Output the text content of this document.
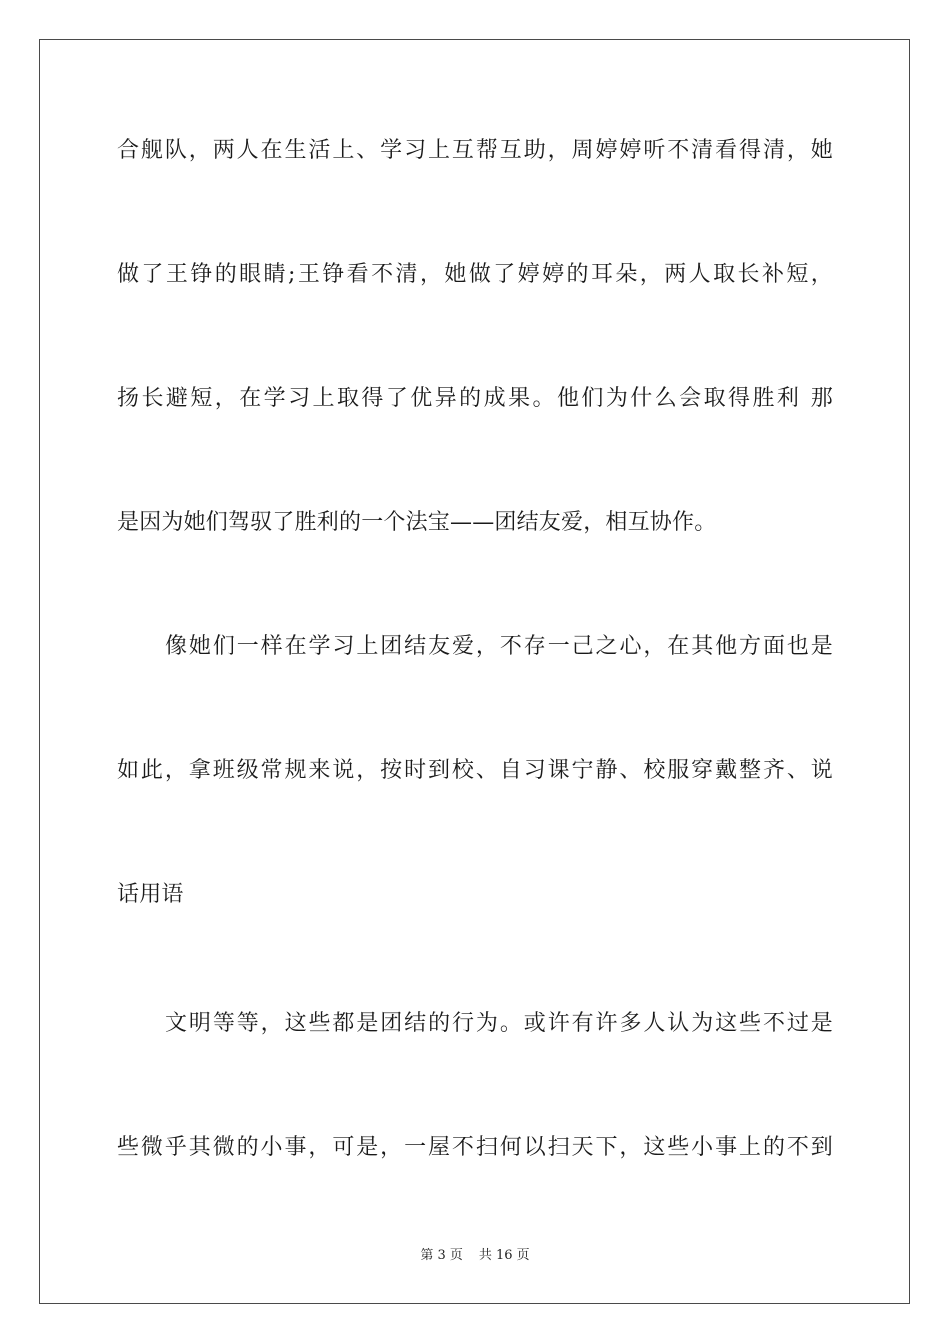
合舰队，两人在生活上、学习上互帮互助，周婷婷听不清看得清，她
做了王铮的眼睛;王铮看不清，她做了婷婷的耳朵，两人取长补短，
扬长避短，在学习上取得了优异的成果。他们为什么会取得胜利 那
是因为她们驾驭了胜利的一个法宝——团结友爱，相互协作。
像她们一样在学习上团结友爱，不存一己之心，在其他方面也是
如此，拿班级常规来说，按时到校、自习课宁静、校服穿戴整齐、说
话用语
文明等等，这些都是团结的行为。或许有许多人认为这些不过是
些微乎其微的小事，可是，一屋不扫何以扫天下，这些小事上的不到
第 3 页 共 16 页
